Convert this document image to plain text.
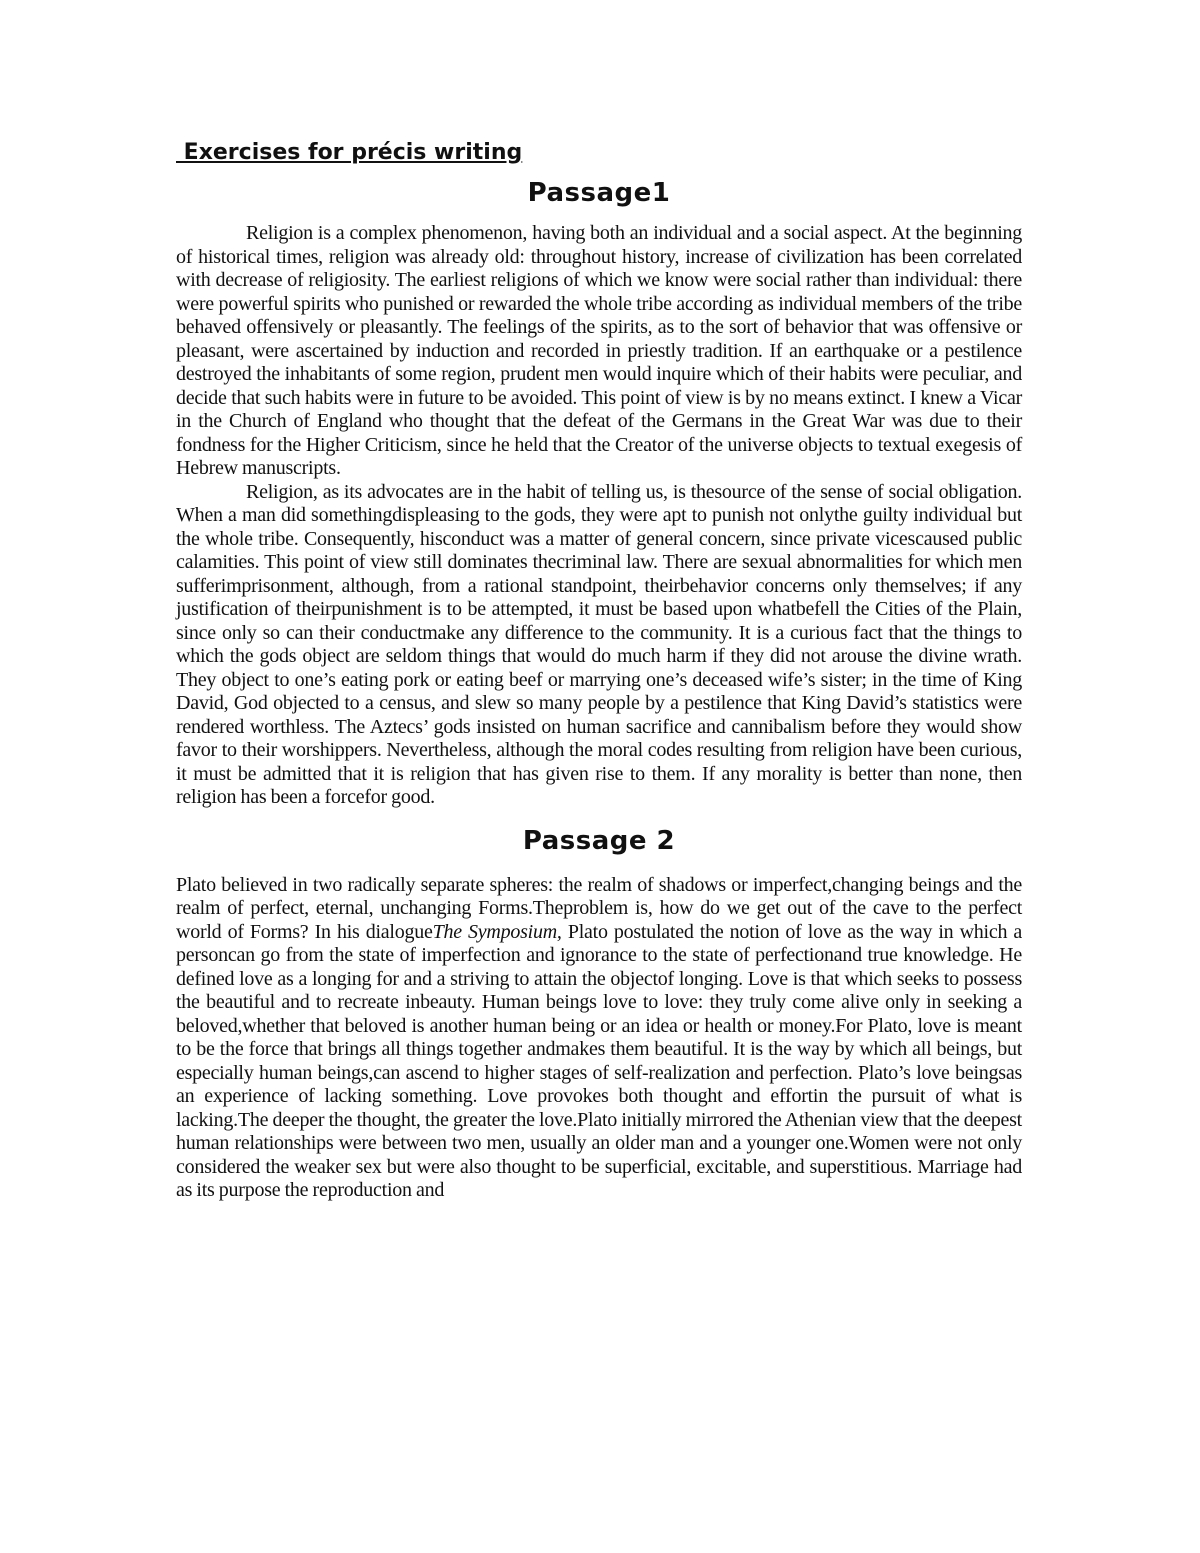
Exercises for précis writing
Passage1

Religion is a complex phenomenon, having both an individual and a social aspect. At the beginning of historical times, religion was already old: throughout history, increase of civilization has been correlated with decrease of religiosity. The earliest religions of which we know were social rather than individual: there were powerful spirits who punished or rewarded the whole tribe according as individual members of the tribe behaved offensively or pleasantly. The feelings of the spirits, as to the sort of behavior that was offensive or pleasant, were ascertained by induction and recorded in priestly tradition. If an earthquake or a pestilence destroyed the inhabitants of some region, prudent men would inquire which of their habits were peculiar, and decide that such habits were in future to be avoided. This point of view is by no means extinct. I knew a Vicar in the Church of England who thought that the defeat of the Germans in the Great War was due to their fondness for the Higher Criticism, since he held that the Creator of the universe objects to textual exegesis of Hebrew manuscripts.

Religion, as its advocates are in the habit of telling us, is thesource of the sense of social obligation. When a man did somethingdispleasing to the gods, they were apt to punish not onlythe guilty individual but the whole tribe. Consequently, hisconduct was a matter of general concern, since private vicescaused public calamities. This point of view still dominates thecriminal law. There are sexual abnormalities for which men sufferimprisonment, although, from a rational standpoint, theirbehavior concerns only themselves; if any justification of theirpunishment is to be attempted, it must be based upon whatbefell the Cities of the Plain, since only so can their conductmake any difference to the community. It is a curious fact that the things to which the gods object are seldom things that would do much harm if they did not arouse the divine wrath. They object to one’s eating pork or eating beef or marrying one’s deceased wife’s sister; in the time of King David, God objected to a census, and slew so many people by a pestilence that King David’s statistics were rendered worthless. The Aztecs’ gods insisted on human sacrifice and cannibalism before they would show favor to their worshippers. Nevertheless, although the moral codes resulting from religion have been curious, it must be admitted that it is religion that has given rise to them. If any morality is better than none, then religion has been a forcefor good.

Passage 2

Plato believed in two radically separate spheres: the realm of shadows or imperfect,changing beings and the realm of perfect, eternal, unchanging Forms.Theproblem is, how do we get out of the cave to the perfect world of Forms? In his dialogueThe Symposium, Plato postulated the notion of love as the way in which a personcan go from the state of imperfection and ignorance to the state of perfectionand true knowledge. He defined love as a longing for and a striving to attain the objectof longing. Love is that which seeks to possess the beautiful and to recreate inbeauty. Human beings love to love: they truly come alive only in seeking a beloved,whether that beloved is another human being or an idea or health or money.For Plato, love is meant to be the force that brings all things together andmakes them beautiful. It is the way by which all beings, but especially human beings,can ascend to higher stages of self-realization and perfection. Plato’s love beingsas an experience of lacking something. Love provokes both thought and effortin the pursuit of what is lacking.The deeper the thought, the greater the love.Plato initially mirrored the Athenian view that the deepest human relationships were between two men, usually an older man and a younger one.Women were not only considered the weaker sex but were also thought to be superficial, excitable, and superstitious. Marriage had as its purpose the reproduction and
